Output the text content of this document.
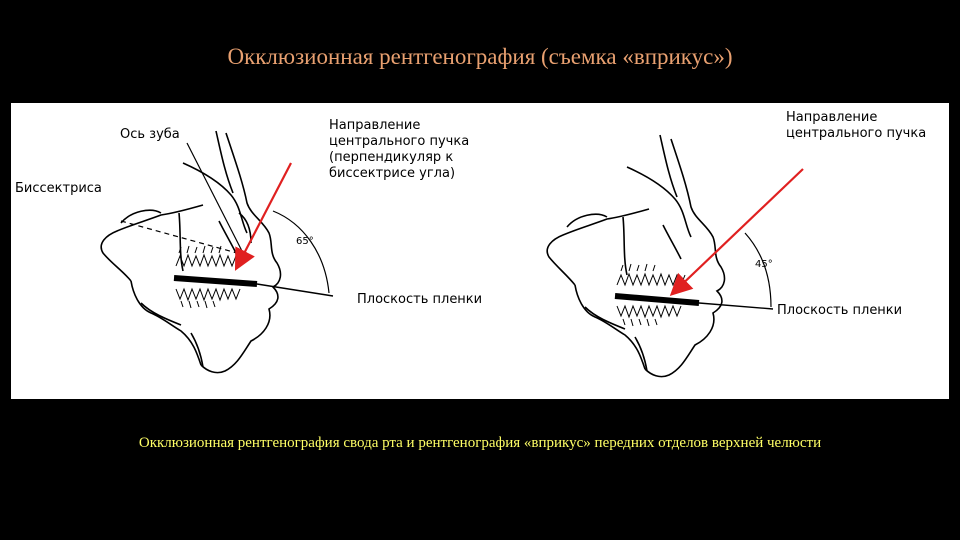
Окклюзионная рентгенография (съемка «вприкус»)
Ось зуба
Биссектриса
Направление
центрального пучка
(перпендикуляр к
биссектрисе угла)
65°
Плоскость пленки
Направление
центрального пучка
45°
Плоскость пленки
Окклюзионная рентгенография свода рта и рентгенография «вприкус» передних отделов верхней челюсти
